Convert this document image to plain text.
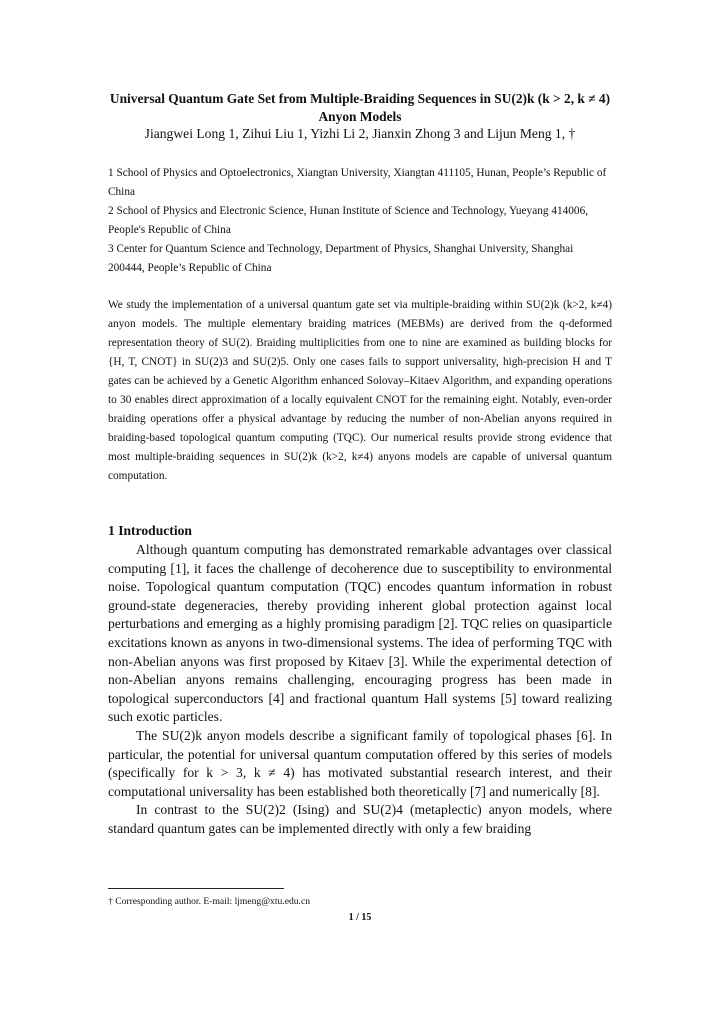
Universal Quantum Gate Set from Multiple-Braiding Sequences in SU(2)k (k > 2, k ≠ 4)
Anyon Models
Jiangwei Long 1, Zihui Liu 1, Yizhi Li 2, Jianxin Zhong 3 and Lijun Meng 1, †

1 School of Physics and Optoelectronics, Xiangtan University, Xiangtan 411105, Hunan, People’s Republic of China

2 School of Physics and Electronic Science, Hunan Institute of Science and Technology, Yueyang 414006, People's Republic of China

3 Center for Quantum Science and Technology, Department of Physics, Shanghai University, Shanghai 200444, People’s Republic of China

We study the implementation of a universal quantum gate set via multiple-braiding within SU(2)k (k>2, k≠4) anyon models. The multiple elementary braiding matrices (MEBMs) are derived from the q-deformed representation theory of SU(2). Braiding multiplicities from one to nine are examined as building blocks for {H, T, CNOT} in SU(2)3 and SU(2)5. Only one cases fails to support universality, high-precision H and T gates can be achieved by a Genetic Algorithm enhanced Solovay–Kitaev Algorithm, and expanding operations to 30 enables direct approximation of a locally equivalent CNOT for the remaining eight. Notably, even-order braiding operations offer a physical advantage by reducing the number of non-Abelian anyons required in braiding-based topological quantum computing (TQC). Our numerical results provide strong evidence that most multiple-braiding sequences in SU(2)k (k>2, k≠4) anyons models are capable of universal quantum computation.

1 Introduction

Although quantum computing has demonstrated remarkable advantages over classical computing [1], it faces the challenge of decoherence due to susceptibility to environmental noise. Topological quantum computation (TQC) encodes quantum information in robust ground-state degeneracies, thereby providing inherent global protection against local perturbations and emerging as a highly promising paradigm [2]. TQC relies on quasiparticle excitations known as anyons in two-dimensional systems. The idea of performing TQC with non-Abelian anyons was first proposed by Kitaev [3]. While the experimental detection of non-Abelian anyons remains challenging, encouraging progress has been made in topological superconductors [4] and fractional quantum Hall systems [5] toward realizing such exotic particles.

The SU(2)k anyon models describe a significant family of topological phases [6]. In particular, the potential for universal quantum computation offered by this series of models (specifically for k > 3, k ≠ 4) has motivated substantial research interest, and their computational universality has been established both theoretically [7] and numerically [8].

In contrast to the SU(2)2 (Ising) and SU(2)4 (metaplectic) anyon models, where standard quantum gates can be implemented directly with only a few braiding

† Corresponding author. E-mail: ljmeng@xtu.edu.cn
1 / 15
